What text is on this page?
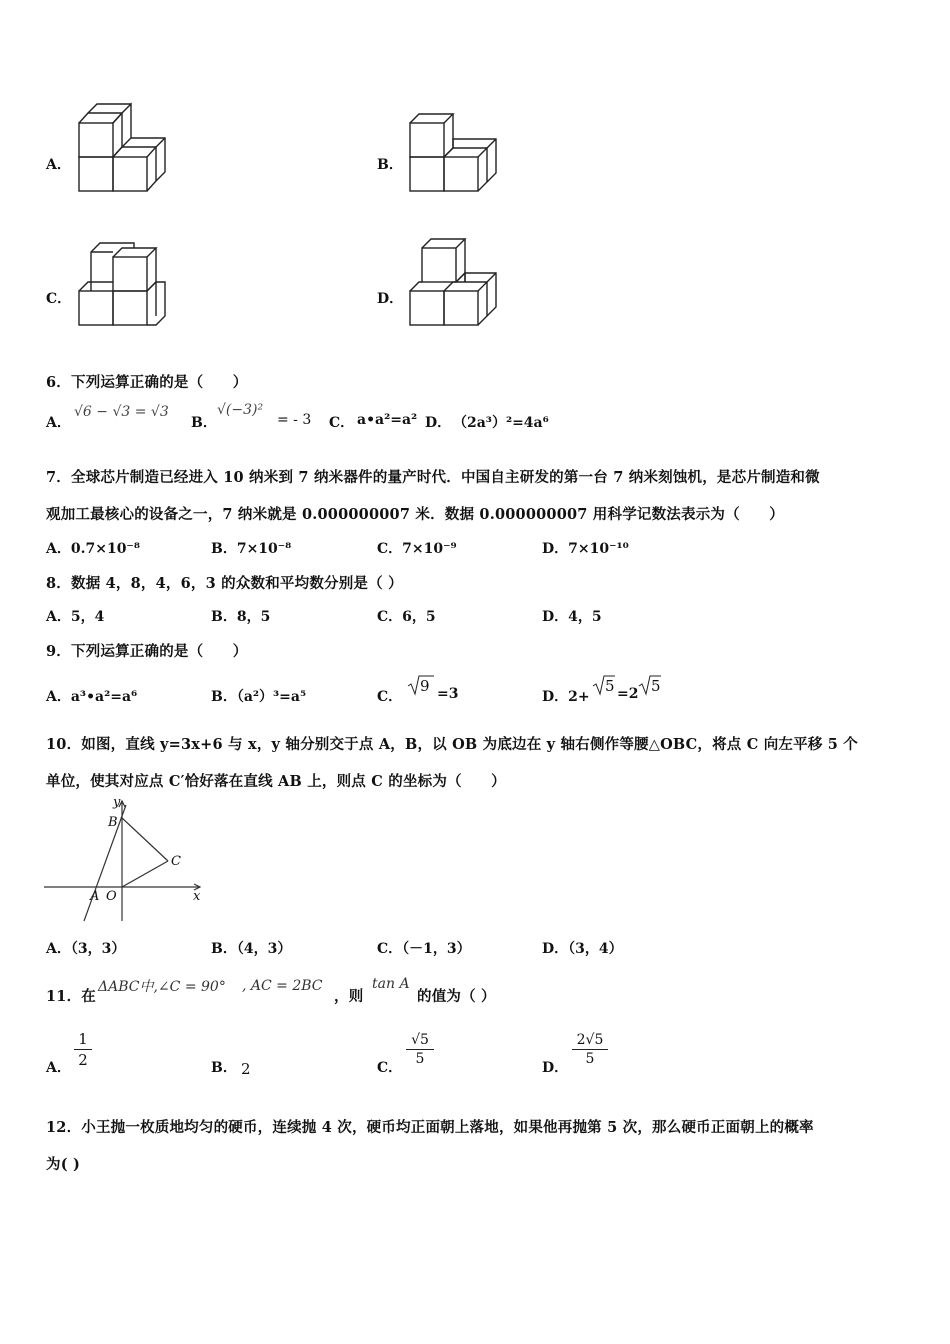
A．	B．
C．	D．
6．下列运算正确的是（　　）
A．
√6 − √3 = √3
B．
√(−3)²
= - 3 C． a•a²=a² D． （2a³）²=4a⁶
7．全球芯片制造已经进入 10 纳米到 7 纳米器件的量产时代．中国自主研发的第一台 7 纳米刻蚀机，是芯片制造和微
观加工最核心的设备之一，7 纳米就是 0.000000007 米．数据 0.000000007 用科学记数法表示为（　　）
A．0.7×10⁻⁸	B．7×10⁻⁸	C．7×10⁻⁹	D．7×10⁻¹⁰
8．数据 4，8，4，6，3 的众数和平均数分别是（ ）
A．5，4	B．8，5	C．6，5	D．4，5
9．下列运算正确的是（　　）
A．a³•a²=a⁶	B．（a²）³=a⁵	C．
9 =3	D．2+
5 =2 5
10．如图，直线 y=3x+6 与 x，y 轴分别交于点 A，B，以 OB 为底边在 y 轴右侧作等腰△OBC，将点 C 向左平移 5 个
单位，使其对应点 C′恰好落在直线 AB 上，则点 C 的坐标为（　　）
y
B
C
A O	x
A．（3，3）	B．（4，3）	C．（－1，3）	D．（3，4）
11．在
ΔABC中,∠C = 90° , AC = 2BC
，则
tan A
的值为（ ）
A． $\frac{1}{2}$	B． 2	C．
$\frac{√5}{5}$
D．
$\frac{2√5}{5}$
12．小王抛一枚质地均匀的硬币，连续抛 4 次，硬币均正面朝上落地，如果他再抛第 5 次，那么硬币正面朝上的概率
为( )
